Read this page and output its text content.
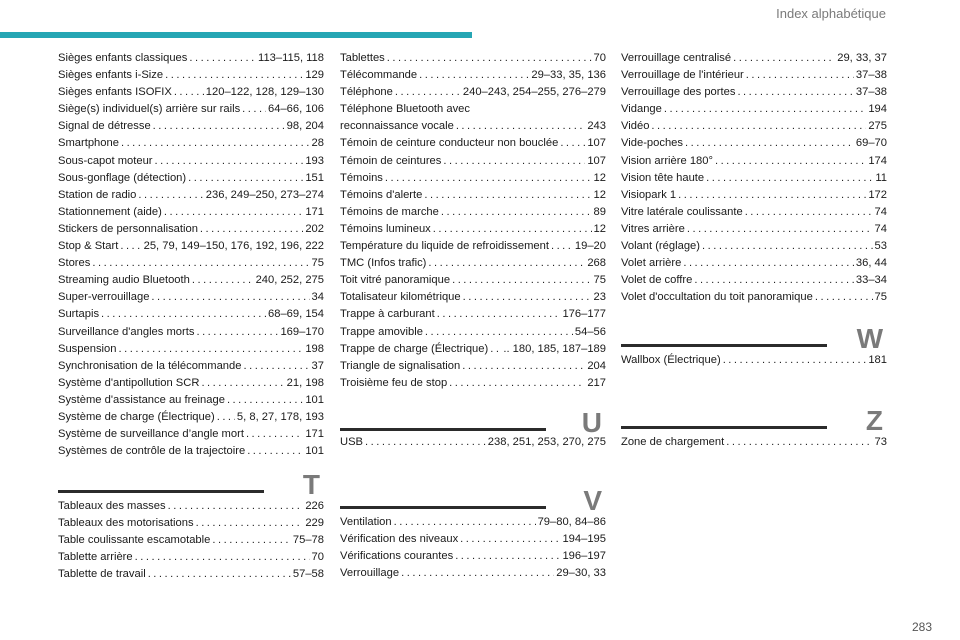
Index alphabétique
Sièges enfants classiques . . .	113–115, 118
Sièges enfants i-Size . . .	129
Sièges enfants ISOFIX . . .	120–122, 128, 129–130
Siège(s) individuel(s) arrière sur rails . . . 64–66, 106
Signal de détresse . . .	98, 204
Smartphone . . .	28
Sous-capot moteur . . .	193
Sous-gonflage (détection) . . .	151
Station de radio . . .	236, 249–250, 273–274
Stationnement (aide) . . .	171
Stickers de personnalisation . . .	202
Stop & Start . . . 25, 79, 149–150, 176, 192, 196, 222
Stores . . .	75
Streaming audio Bluetooth . . .	240, 252, 275
Super-verrouillage . . .	34
Surtapis . . .	68–69, 154
Surveillance d'angles morts . . .	169–170
Suspension . . .	198
Synchronisation de la télécommande . . .	37
Système d'antipollution SCR . . .	21, 198
Système d'assistance au freinage . . .	101
Système de charge (Électrique) . . . 5, 8, 27, 178, 193
Système de surveillance d’angle mort . . .	171
Systèmes de contrôle de la trajectoire . . .	101
T
Tableaux des masses . . .	226
Tableaux des motorisations . . .	229
Table coulissante escamotable . . .	75–78
Tablette arrière . . .	70
Tablette de travail . . .	57–58
Tablettes . . .	70
Télécommande . . .	29–33, 35, 136
Téléphone . . .	240–243, 254–255, 276–279
Téléphone Bluetooth avec
reconnaissance vocale . . .	243
Témoin de ceinture conducteur non bouclée . . .	107
Témoin de ceintures . . .	107
Témoins . . .	12
Témoins d'alerte . . .	12
Témoins de marche . . .	89
Témoins lumineux . . .	12
Température du liquide de refroidissement . . . 19–20
TMC (Infos trafic) . . .	268
Toit vitré panoramique . . .	75
Totalisateur kilométrique . . .	23
Trappe à carburant . . .	176–177
Trappe amovible . . .	54–56
Trappe de charge (Électrique) . . . .. 180, 185, 187–189
Triangle de signalisation . . .	204
Troisième feu de stop . . .	217
U
USB . . .	238, 251, 253, 270, 275
V
Ventilation . . .	79–80, 84–86
Vérification des niveaux . . .	194–195
Vérifications courantes . . .	196–197
Verrouillage . . .	29–30, 33
Verrouillage centralisé . . .	29, 33, 37
Verrouillage de l'intérieur . . .	37–38
Verrouillage des portes . . .	37–38
Vidange . . .	194
Vidéo . . .	275
Vide-poches . . .	69–70
Vision arrière 180° . . .	174
Vision tête haute . . .	11
Visiopark 1 . . .	172
Vitre latérale coulissante . . .	74
Vitres arrière . . .	74
Volant (réglage) . . .	53
Volet arrière . . .	36, 44
Volet de coffre . . .	33–34
Volet d'occultation du toit panoramique . . .	75
W
Wallbox (Électrique) . . .	181
Z
Zone de chargement . . .	73
283
